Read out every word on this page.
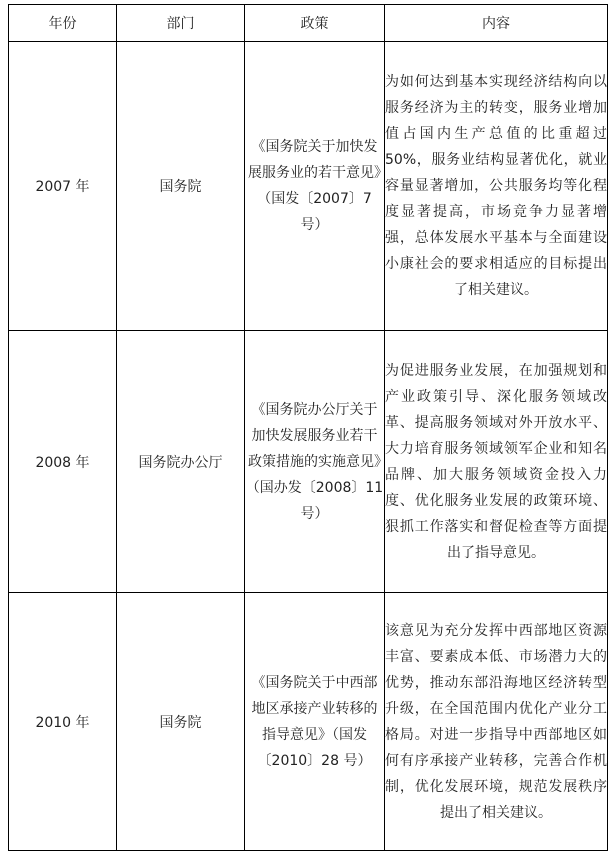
年份	部门	政策	内容
2007 年	国务院	《国务院关于加快发展服务业的若干意见》（国发〔2007〕7 号）	为如何达到基本实现经济结构向以服务经济为主的转变，服务业增加值占国内生产总值的比重超过 50%，服务业结构显著优化，就业容量显著增加，公共服务均等化程度显著提高，市场竞争力显著增强，总体发展水平基本与全面建设小康社会的要求相适应的目标提出了相关建议。

2008 年	国务院办公厅	《国务院办公厅关于加快发展服务业若干政策措施的实施意见》（国办发〔2008〕11 号）	为促进服务业发展，在加强规划和产业政策引导、深化服务领域改革、提高服务领域对外开放水平、大力培育服务领域领军企业和知名品牌、加大服务领域资金投入力度、优化服务业发展的政策环境、狠抓工作落实和督促检查等方面提出了指导意见。

2010 年	国务院	《国务院关于中西部地区承接产业转移的指导意见》（国发〔2010〕28 号）	该意见为充分发挥中西部地区资源丰富、要素成本低、市场潜力大的优势，推动东部沿海地区经济转型升级，在全国范围内优化产业分工格局。对进一步指导中西部地区如何有序承接产业转移，完善合作机制，优化发展环境，规范发展秩序提出了相关建议。
